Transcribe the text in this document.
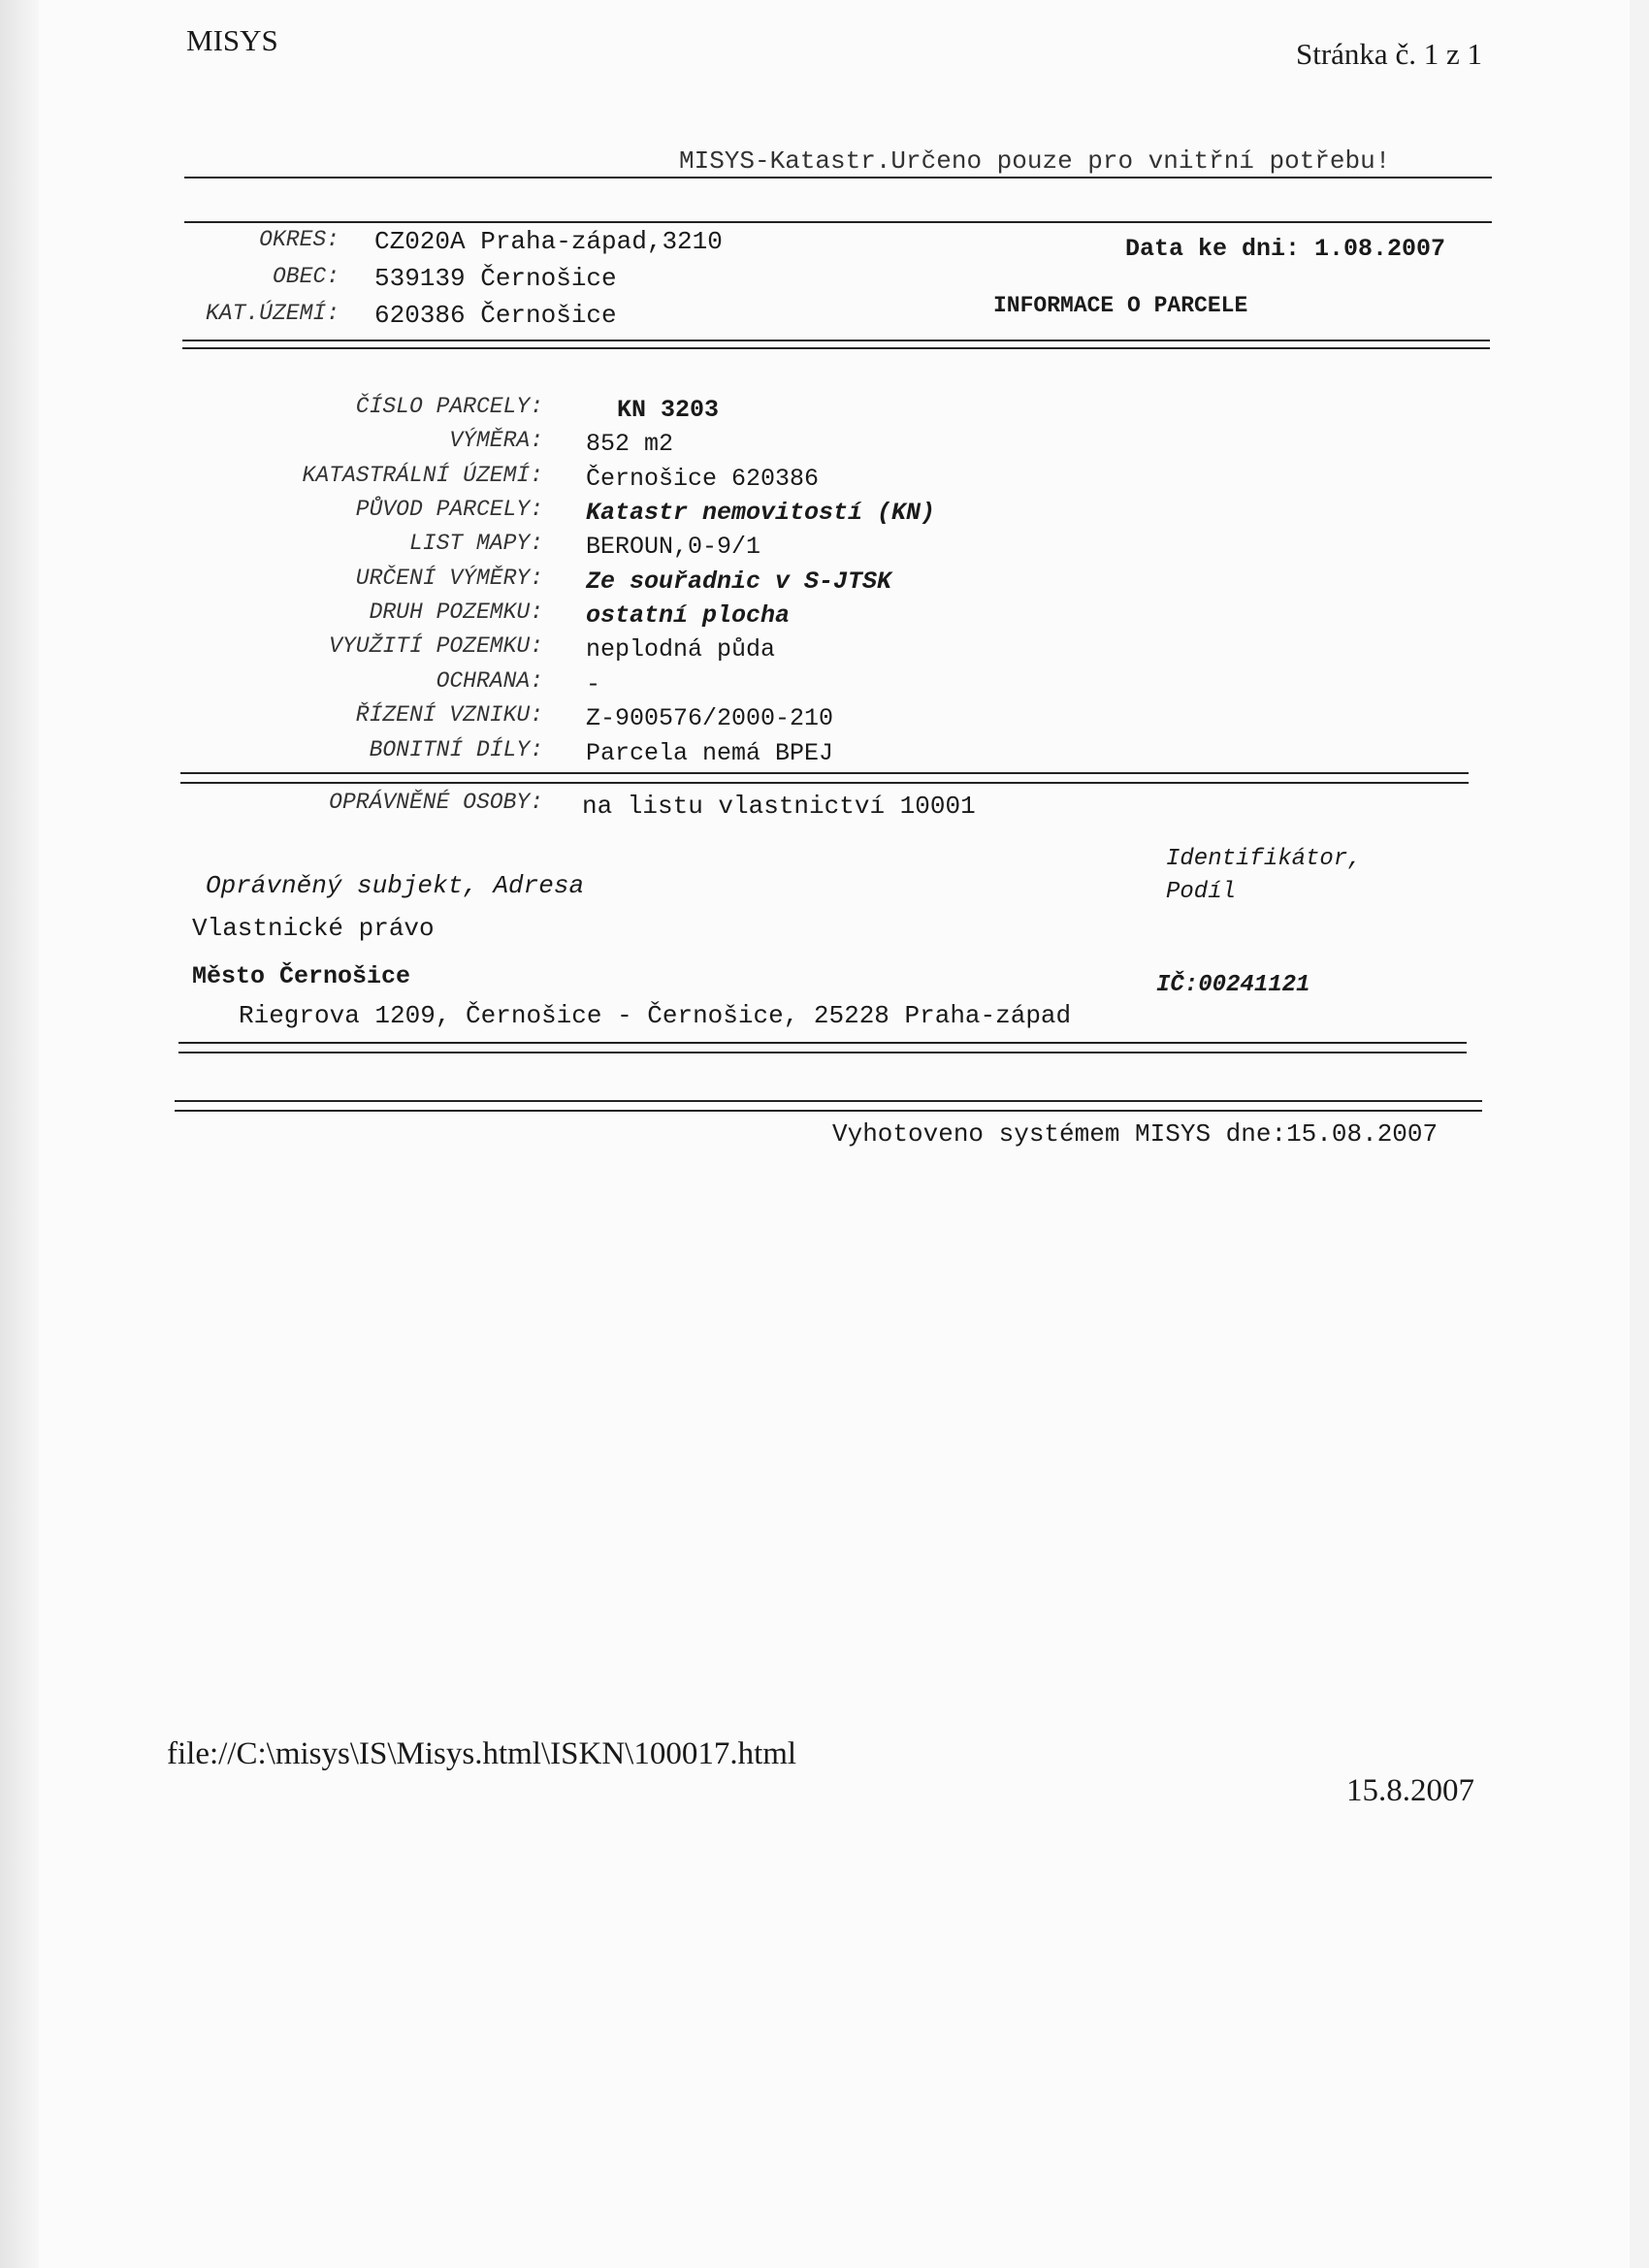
MISYS	Stránka č. 1 z 1
MISYS-Katastr.Určeno pouze pro vnitřní potřebu!
OKRES: CZ020A Praha-západ,3210	Data ke dni: 1.08.2007
OBEC: 539139 Černošice
KAT.ÚZEMÍ: 620386 Černošice	INFORMACE O PARCELE
ČÍSLO PARCELY:	KN 3203
VÝMĚRA: 852 m2
KATASTRÁLNÍ ÚZEMÍ: Černošice 620386
PŮVOD PARCELY: Katastr nemovitostí (KN)
LIST MAPY: BEROUN,0-9/1
URČENÍ VÝMĚRY: Ze souřadnic v S-JTSK
DRUH POZEMKU: ostatní plocha
VYUŽITÍ POZEMKU: neplodná půda
OCHRANA: -
ŘÍZENÍ VZNIKU: Z-900576/2000-210
BONITNÍ DÍLY: Parcela nemá BPEJ
OPRÁVNĚNÉ OSOBY: na listu vlastnictví 10001
Identifikátor,
Podíl
Oprávněný subjekt, Adresa
Vlastnické právo
Město Černošice	IČ:00241121
Riegrova 1209, Černošice - Černošice, 25228 Praha-západ
Vyhotoveno systémem MISYS dne:15.08.2007
file://C:\misys\IS\Misys.html\ISKN\100017.html
15.8.2007
